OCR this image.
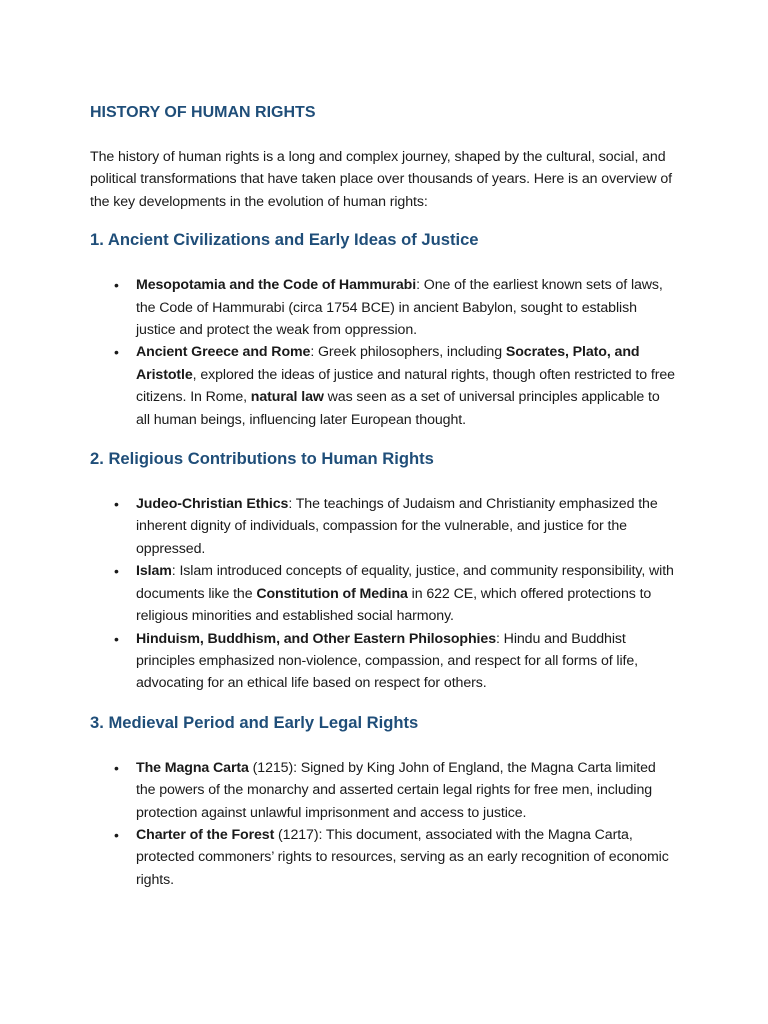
HISTORY OF HUMAN RIGHTS

The history of human rights is a long and complex journey, shaped by the cultural, social, and political transformations that have taken place over thousands of years. Here is an overview of the key developments in the evolution of human rights:

1. Ancient Civilizations and Early Ideas of Justice
• Mesopotamia and the Code of Hammurabi: One of the earliest known sets of laws, the Code of Hammurabi (circa 1754 BCE) in ancient Babylon, sought to establish justice and protect the weak from oppression.
• Ancient Greece and Rome: Greek philosophers, including Socrates, Plato, and Aristotle, explored the ideas of justice and natural rights, though often restricted to free citizens. In Rome, natural law was seen as a set of universal principles applicable to all human beings, influencing later European thought.
2. Religious Contributions to Human Rights
• Judeo-Christian Ethics: The teachings of Judaism and Christianity emphasized the inherent dignity of individuals, compassion for the vulnerable, and justice for the oppressed.
• Islam: Islam introduced concepts of equality, justice, and community responsibility, with documents like the Constitution of Medina in 622 CE, which offered protections to religious minorities and established social harmony.
• Hinduism, Buddhism, and Other Eastern Philosophies: Hindu and Buddhist principles emphasized non-violence, compassion, and respect for all forms of life, advocating for an ethical life based on respect for others.
3. Medieval Period and Early Legal Rights
• The Magna Carta (1215): Signed by King John of England, the Magna Carta limited the powers of the monarchy and asserted certain legal rights for free men, including protection against unlawful imprisonment and access to justice.
• Charter of the Forest (1217): This document, associated with the Magna Carta, protected commoners’ rights to resources, serving as an early recognition of economic rights.
